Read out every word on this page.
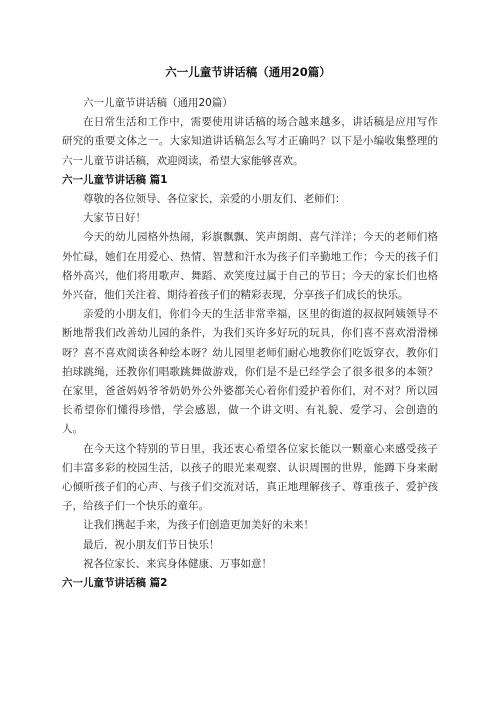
六一儿童节讲话稿（通用20篇）

六一儿童节讲话稿（通用20篇）

在日常生活和工作中，需要使用讲话稿的场合越来越多，讲话稿是应用写作研究的重要文体之一。大家知道讲话稿怎么写才正确吗？以下是小编收集整理的六一儿童节讲话稿，欢迎阅读，希望大家能够喜欢。

六一儿童节讲话稿 篇1

尊敬的各位领导、各位家长，亲爱的小朋友们、老师们：

大家节日好！

今天的幼儿园格外热闹，彩旗飘飘、笑声朗朗、喜气洋洋；今天的老师们格外忙碌，她们在用爱心、热情、智慧和汗水为孩子们辛勤地工作；今天的孩子们格外高兴，他们将用歌声、舞蹈、欢笑度过属于自己的节日；今天的家长们也格外兴奋，他们关注着、期待着孩子们的精彩表现，分享孩子们成长的快乐。

亲爱的小朋友们，你们今天的生活非常幸福，区里的街道的叔叔阿姨领导不断地帮我们改善幼儿园的条件，为我们买许多好玩的玩具，你们喜不喜欢滑滑梯呀？喜不喜欢阅读各种绘本呀？幼儿园里老师们耐心地教你们吃饭穿衣，教你们拍球跳绳，还教你们唱歌跳舞做游戏，你们是不是已经学会了很多很多的本领？在家里，爸爸妈妈爷爷奶奶外公外婆都关心着你们爱护着你们，对不对？所以园长希望你们懂得珍惜，学会感恩，做一个讲文明、有礼貌、爱学习、会创造的人。

在今天这个特别的节日里，我还衷心希望各位家长能以一颗童心来感受孩子们丰富多彩的校园生活，以孩子的眼光来观察、认识周围的世界，能蹲下身来耐心倾听孩子们的心声、与孩子们交流对话，真正地理解孩子、尊重孩子、爱护孩子，给孩子们一个快乐的童年。

让我们携起手来，为孩子们创造更加美好的未来！

最后，祝小朋友们节日快乐！

祝各位家长、来宾身体健康、万事如意！

六一儿童节讲话稿 篇2
